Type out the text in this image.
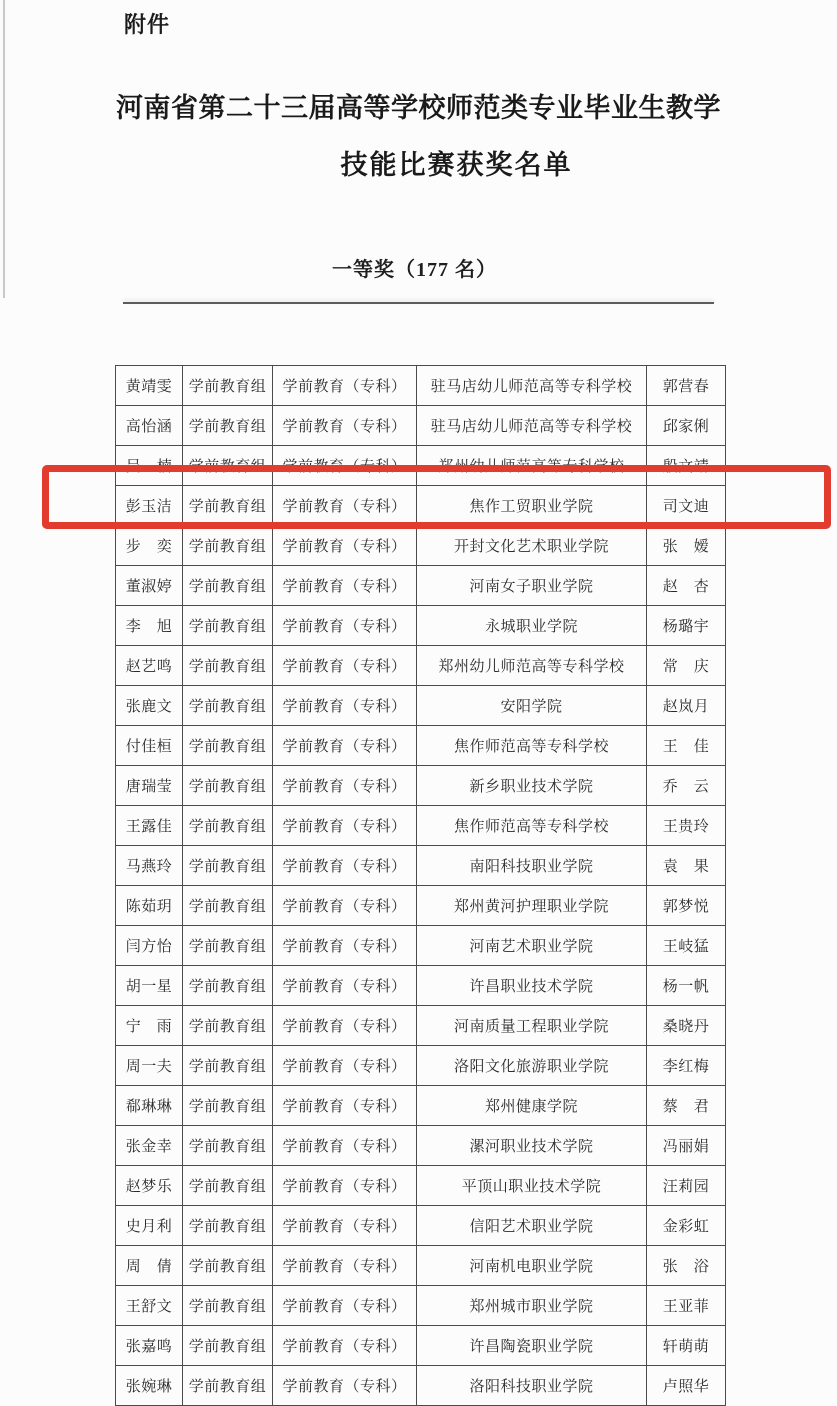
附件
河南省第二十三届高等学校师范类专业毕业生教学
技能比赛获奖名单
一等奖（177 名）
黄靖雯	学前教育组	学前教育（专科）	驻马店幼儿师范高等专科学校	郭营春
高怡涵	学前教育组	学前教育（专科）	驻马店幼儿师范高等专科学校	邱家俐
吴　楠	学前教育组	学前教育（专科）	郑州幼儿师范高等专科学校	殷文靖
彭玉洁	学前教育组	学前教育（专科）	焦作工贸职业学院	司文迪
步　奕	学前教育组	学前教育（专科）	开封文化艺术职业学院	张　嫒
董淑婷	学前教育组	学前教育（专科）	河南女子职业学院	赵　杏
李　旭	学前教育组	学前教育（专科）	永城职业学院	杨璐宇
赵艺鸣	学前教育组	学前教育（专科）	郑州幼儿师范高等专科学校	常　庆
张鹿文	学前教育组	学前教育（专科）	安阳学院	赵岚月
付佳桓	学前教育组	学前教育（专科）	焦作师范高等专科学校	王　佳
唐瑞莹	学前教育组	学前教育（专科）	新乡职业技术学院	乔　云
王露佳	学前教育组	学前教育（专科）	焦作师范高等专科学校	王贵玲
马燕玲	学前教育组	学前教育（专科）	南阳科技职业学院	袁　果
陈茹玥	学前教育组	学前教育（专科）	郑州黄河护理职业学院	郭梦悦
闫方怡	学前教育组	学前教育（专科）	河南艺术职业学院	王岐猛
胡一星	学前教育组	学前教育（专科）	许昌职业技术学院	杨一帆
宁　雨	学前教育组	学前教育（专科）	河南质量工程职业学院	桑晓丹
周一夫	学前教育组	学前教育（专科）	洛阳文化旅游职业学院	李红梅
郗琳琳	学前教育组	学前教育（专科）	郑州健康学院	蔡　君
张金幸	学前教育组	学前教育（专科）	漯河职业技术学院	冯丽娟
赵梦乐	学前教育组	学前教育（专科）	平顶山职业技术学院	汪莉园
史月利	学前教育组	学前教育（专科）	信阳艺术职业学院	金彩虹
周　倩	学前教育组	学前教育（专科）	河南机电职业学院	张　浴
王舒文	学前教育组	学前教育（专科）	郑州城市职业学院	王亚菲
张嘉鸣	学前教育组	学前教育（专科）	许昌陶瓷职业学院	轩萌萌
张婉琳	学前教育组	学前教育（专科）	洛阳科技职业学院	卢照华
